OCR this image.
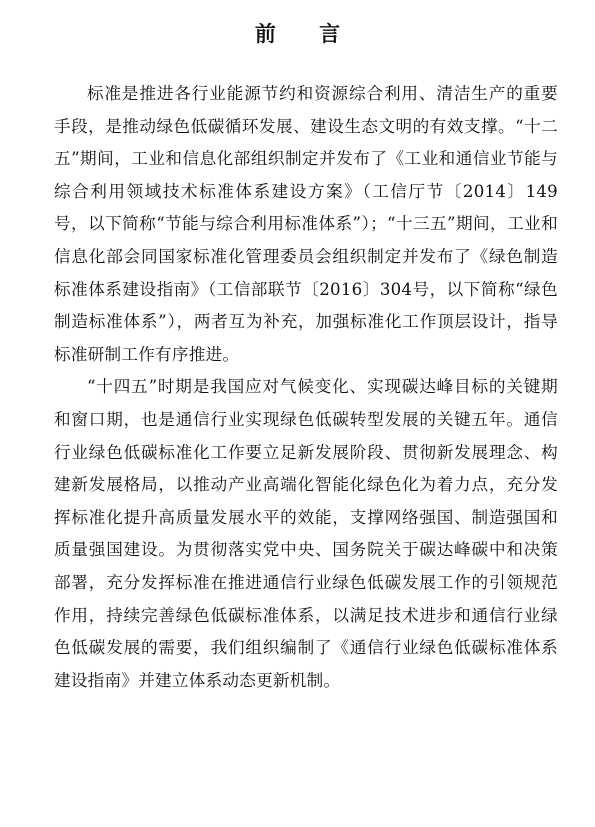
前 言

标准是推进各行业能源节约和资源综合利用、清洁生产的重要手段，是推动绿色低碳循环发展、建设生态文明的有效支撑。“十二五”期间，工业和信息化部组织制定并发布了《工业和通信业节能与综合利用领域技术标准体系建设方案》（工信厅节〔2014〕149号，以下简称“节能与综合利用标准体系”）；“十三五”期间，工业和信息化部会同国家标准化管理委员会组织制定并发布了《绿色制造标准体系建设指南》（工信部联节〔2016〕304号，以下简称“绿色制造标准体系”），两者互为补充，加强标准化工作顶层设计，指导标准研制工作有序推进。

“十四五”时期是我国应对气候变化、实现碳达峰目标的关键期和窗口期，也是通信行业实现绿色低碳转型发展的关键五年。通信行业绿色低碳标准化工作要立足新发展阶段、贯彻新发展理念、构建新发展格局，以推动产业高端化智能化绿色化为着力点，充分发挥标准化提升高质量发展水平的效能，支撑网络强国、制造强国和质量强国建设。为贯彻落实党中央、国务院关于碳达峰碳中和决策部署，充分发挥标准在推进通信行业绿色低碳发展工作的引领规范作用，持续完善绿色低碳标准体系，以满足技术进步和通信行业绿色低碳发展的需要，我们组织编制了《通信行业绿色低碳标准体系建设指南》并建立体系动态更新机制。
